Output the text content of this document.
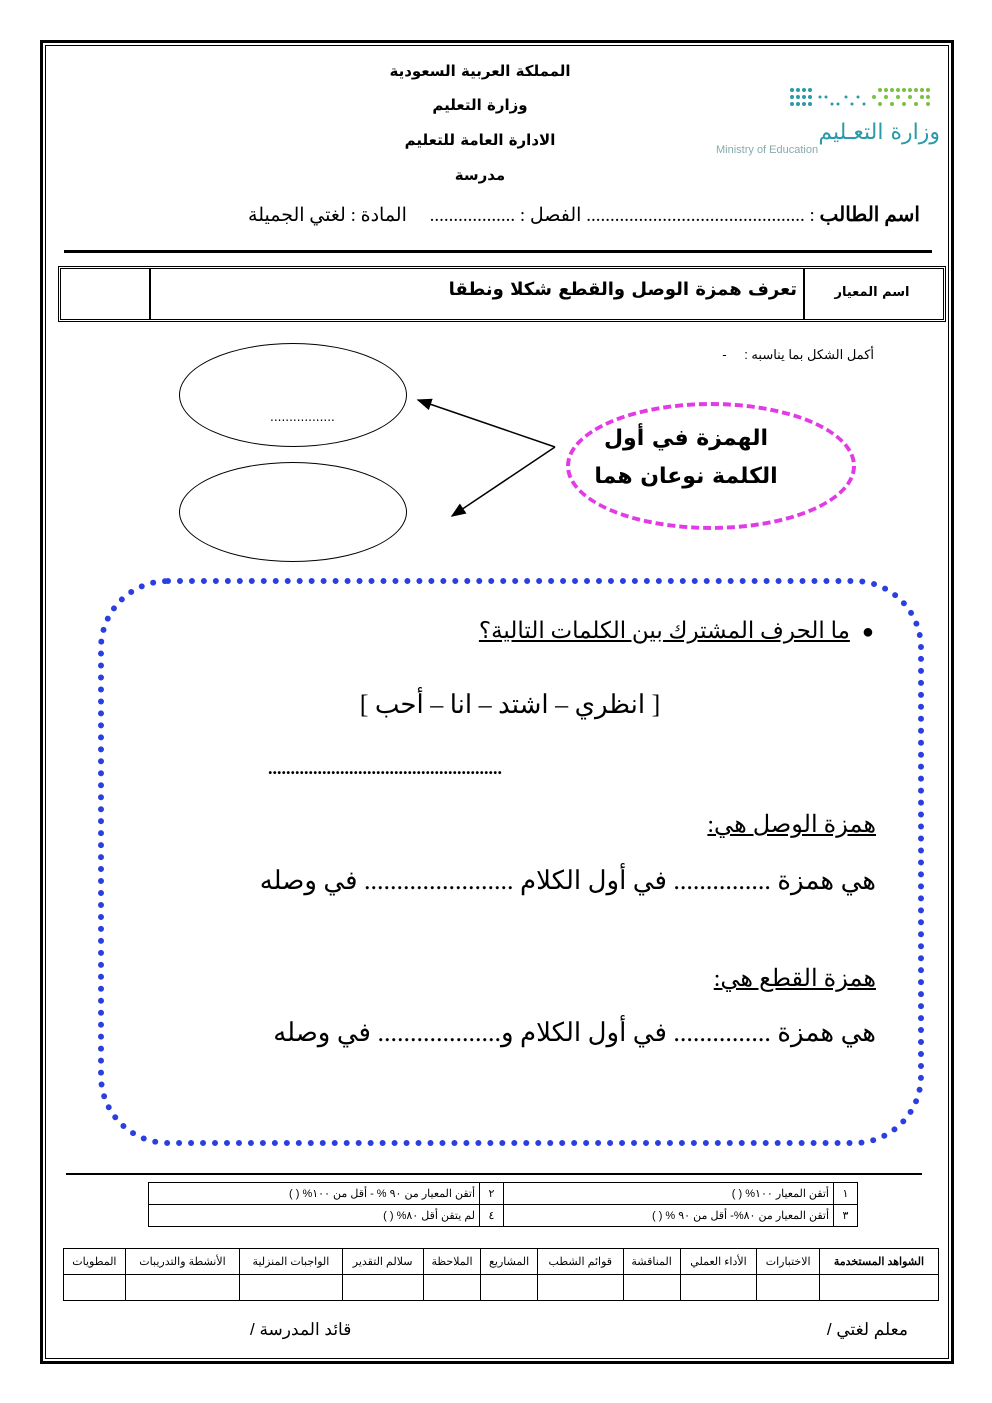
المملكة العربية السعودية
وزارة التعليم
الادارة العامة للتعليم
مدرسة
وزارة التعـليم
Ministry of Education
اسم الطالب : .............................................. الفصل : .................. المادة : لغتي الجميلة
اسم المعيار
تعرف همزة الوصل والقطع شكلا ونطقا
أكمل الشكل بما يناسبه : -
.................
الهمزة في أول
الكلمة نوعان هما
●ما الحرف المشترك بين الكلمات التالية؟
[ انظري – اشتد – انا – أحب ]
....................................................
همزة الوصل هي:
هي همزة ............... في أول الكلام ....................... في وصله
همزة القطع هي:
هي همزة ............... في أول الكلام و................... في وصله
١	أتقن المعيار ١٠٠% ( )	٢	أتقن المعيار من ٩٠ % - أقل من ١٠٠% ( )
٣	أتقن المعيار من ٨٠%- أقل من ٩٠ % ( )	٤	لم يتقن أقل ٨٠% ( )
الشواهد المستخدمة	الاختبارات	الأداء العملي	المناقشة	قوائم الشطب	المشاريع	الملاحظة	سلالم التقدير	الواجبات المنزلية	الأنشطة والتدريبات	المطويات

معلم لغتي /
قائد المدرسة /
